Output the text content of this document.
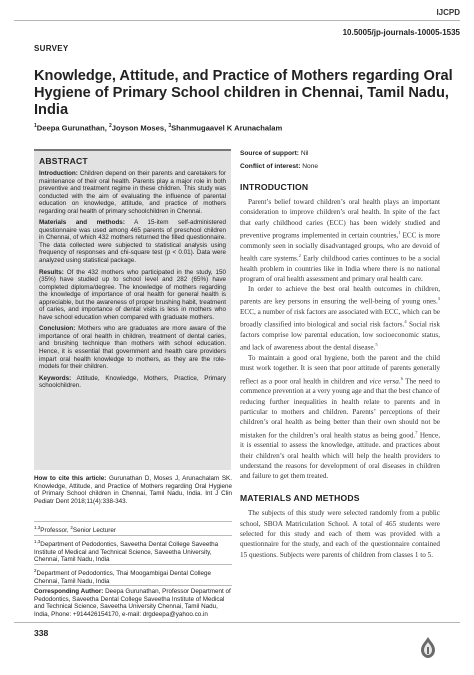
IJCPD
10.5005/jp-journals-10005-1535
SURVEY
Knowledge, Attitude, and Practice of Mothers regarding Oral Hygiene of Primary School children in Chennai, Tamil Nadu, India
$^1$Deepa Gurunathan, $^2$Joyson Moses, $^3$Shanmugaavel K Arunachalam
ABSTRACT

Introduction: Children depend on their parents and caretakers for maintenance of their oral health. Parents play a major role in both preventive and treatment regime in these children. This study was conducted with the aim of evaluating the influence of parental education on knowledge, attitude, and practice of mothers regarding oral health of primary schoolchildren in Chennai.

Materials and methods: A 15-item self-administered questionnaire was used among 465 parents of preschool children in Chennai, of which 432 mothers returned the filled questionnaire. The data collected were subjected to statistical analysis using frequency of responses and chi-square test (p < 0.01). Data were analyzed using statistical package.

Results: Of the 432 mothers who participated in the study, 150 (35%) have studied up to school level and 282 (65%) have completed diploma/degree. The knowledge of mothers regarding the knowledge of importance of oral health for general health is appreciable, but the awareness of proper brushing habit, treatment of caries, and importance of dental visits is less in mothers who have school education when compared with graduate mothers.

Conclusion: Mothers who are graduates are more aware of the importance of oral health in children, treatment of dental caries, and brushing technique than mothers with school education. Hence, it is essential that government and health care providers impart oral health knowledge to mothers, as they are the role-models for their children.

Keywords: Attitude, Knowledge, Mothers, Practice, Primary schoolchildren.

How to cite this article: Gurunathan D, Moses J, Arunachalam SK. Knowledge, Attitude, and Practice of Mothers regarding Oral Hygiene of Primary School children in Chennai, Tamil Nadu, India. Int J Clin Pediatr Dent 2018;11(4):338-343.
$^{1,3}$Professor, $^2$Senior Lecturer
$^{1,3}$Department of Pedodontics, Saveetha Dental College Saveetha Institute of Medical and Technical Science, Saveetha University, Chennai, Tamil Nadu, India
$^2$Department of Pedodontics, Thai Moogambigai Dental College Chennai, Tamil Nadu, India
Corresponding Author: Deepa Gurunathan, Professor Department of Pedodontics, Saveetha Dental College Saveetha Institute of Medical and Technical Science, Saveetha University Chennai, Tamil Nadu, India, Phone: +914426154170, e-mail: drgdeepa@yahoo.co.in
Source of support: Nil
Conflict of interest: None
INTRODUCTION

Parent’s belief toward children’s oral health plays an important consideration to improve children’s oral health. In spite of the fact that early childhood caries (ECC) has been widely studied and preventive programs implemented in certain countries,$^1$ ECC is more commonly seen in socially disadvantaged groups, who are devoid of health care systems.$^2$ Early childhood caries continues to be a social health problem in countries like in India where there is no national program of oral health assessment and primary oral health care.

In order to achieve the best oral health outcomes in children, parents are key persons in ensuring the well-being of young ones.$^3$ ECC, a number of risk factors are associated with ECC, which can be broadly classified into biological and social risk factors.$^4$ Social risk factors comprise low parental education, low socioeconomic status, and lack of awareness about the dental disease.$^5$

To maintain a good oral hygiene, both the parent and the child must work together. It is seen that poor attitude of parents generally reflect as a poor oral health in children and vice versa.$^6$ The need to commence prevention at a very young age and that the best chance of reducing further inequalities in health relate to parents and in particular to mothers and children. Parents’ perceptions of their children’s oral health as being better than their own should not be mistaken for the children’s oral health status as being good.$^7$ Hence, it is essential to assess the knowledge, attitude. and practices about their children’s oral health which will help the health providers to understand the reasons for development of oral diseases in children and failure to get them treated.

MATERIALS AND METHODS

The subjects of this study were selected randomly from a public school, SBOA Matriculation School. A total of 465 students were selected for this study and each of them was provided with a questionnaire for the study, and each of the questionnaire contained 15 questions. Subjects were parents of children from classes 1 to 5.

338
